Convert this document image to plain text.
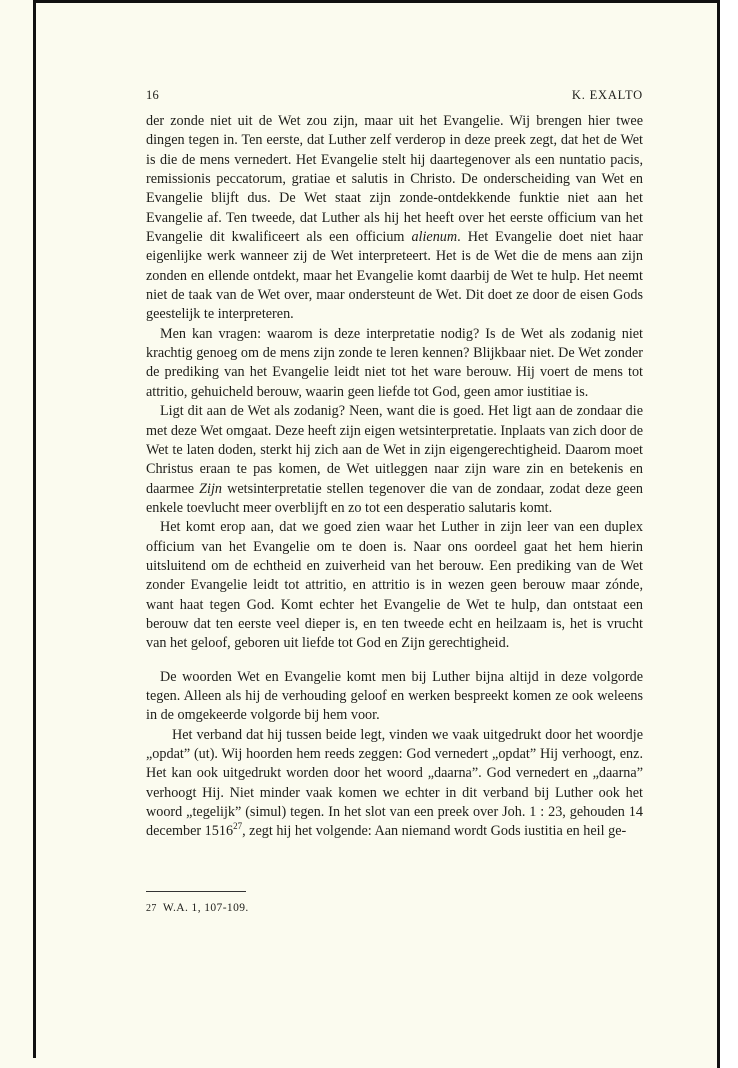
16	K. EXALTO

der zonde niet uit de Wet zou zijn, maar uit het Evangelie. Wij brengen hier twee dingen tegen in. Ten eerste, dat Luther zelf verderop in deze preek zegt, dat het de Wet is die de mens vernedert. Het Evangelie stelt hij daartegenover als een nuntatio pacis, remissionis peccatorum, gratiae et salutis in Christo. De onderscheiding van Wet en Evangelie blijft dus. De Wet staat zijn zonde-ontdekkende funktie niet aan het Evangelie af. Ten tweede, dat Luther als hij het heeft over het eerste officium van het Evangelie dit kwalificeert als een officium alienum. Het Evangelie doet niet haar eigenlijke werk wanneer zij de Wet interpreteert. Het is de Wet die de mens aan zijn zonden en ellende ontdekt, maar het Evangelie komt daarbij de Wet te hulp. Het neemt niet de taak van de Wet over, maar ondersteunt de Wet. Dit doet ze door de eisen Gods geestelijk te interpreteren.

Men kan vragen: waarom is deze interpretatie nodig? Is de Wet als zodanig niet krachtig genoeg om de mens zijn zonde te leren kennen? Blijkbaar niet. De Wet zonder de prediking van het Evangelie leidt niet tot het ware berouw. Hij voert de mens tot attritio, gehuicheld berouw, waarin geen liefde tot God, geen amor iustitiae is.

Ligt dit aan de Wet als zodanig? Neen, want die is goed. Het ligt aan de zondaar die met deze Wet omgaat. Deze heeft zijn eigen wetsinterpretatie. Inplaats van zich door de Wet te laten doden, sterkt hij zich aan de Wet in zijn eigengerechtigheid. Daarom moet Christus eraan te pas komen, de Wet uitleggen naar zijn ware zin en betekenis en daarmee Zijn wetsinterpretatie stellen tegenover die van de zondaar, zodat deze geen enkele toevlucht meer overblijft en zo tot een desperatio salutaris komt.

Het komt erop aan, dat we goed zien waar het Luther in zijn leer van een duplex officium van het Evangelie om te doen is. Naar ons oordeel gaat het hem hierin uitsluitend om de echtheid en zuiverheid van het berouw. Een prediking van de Wet zonder Evangelie leidt tot attritio, en attritio is in wezen geen berouw maar zónde, want haat tegen God. Komt echter het Evangelie de Wet te hulp, dan ontstaat een berouw dat ten eerste veel dieper is, en ten tweede echt en heilzaam is, het is vrucht van het geloof, geboren uit liefde tot God en Zijn gerechtigheid.

De woorden Wet en Evangelie komt men bij Luther bijna altijd in deze volgorde tegen. Alleen als hij de verhouding geloof en werken bespreekt komen ze ook weleens in de omgekeerde volgorde bij hem voor.

Het verband dat hij tussen beide legt, vinden we vaak uitgedrukt door het woordje „opdat” (ut). Wij hoorden hem reeds zeggen: God vernedert „opdat” Hij verhoogt, enz. Het kan ook uitgedrukt worden door het woord „daarna”. God vernedert en „daarna” verhoogt Hij. Niet minder vaak komen we echter in dit verband bij Luther ook het woord „tegelijk” (simul) tegen. In het slot van een preek over Joh. 1 : 23, gehouden 14 december 1516$^{27}$, zegt hij het volgende: Aan niemand wordt Gods iustitia en heil ge-

27 W.A. 1, 107-109.
